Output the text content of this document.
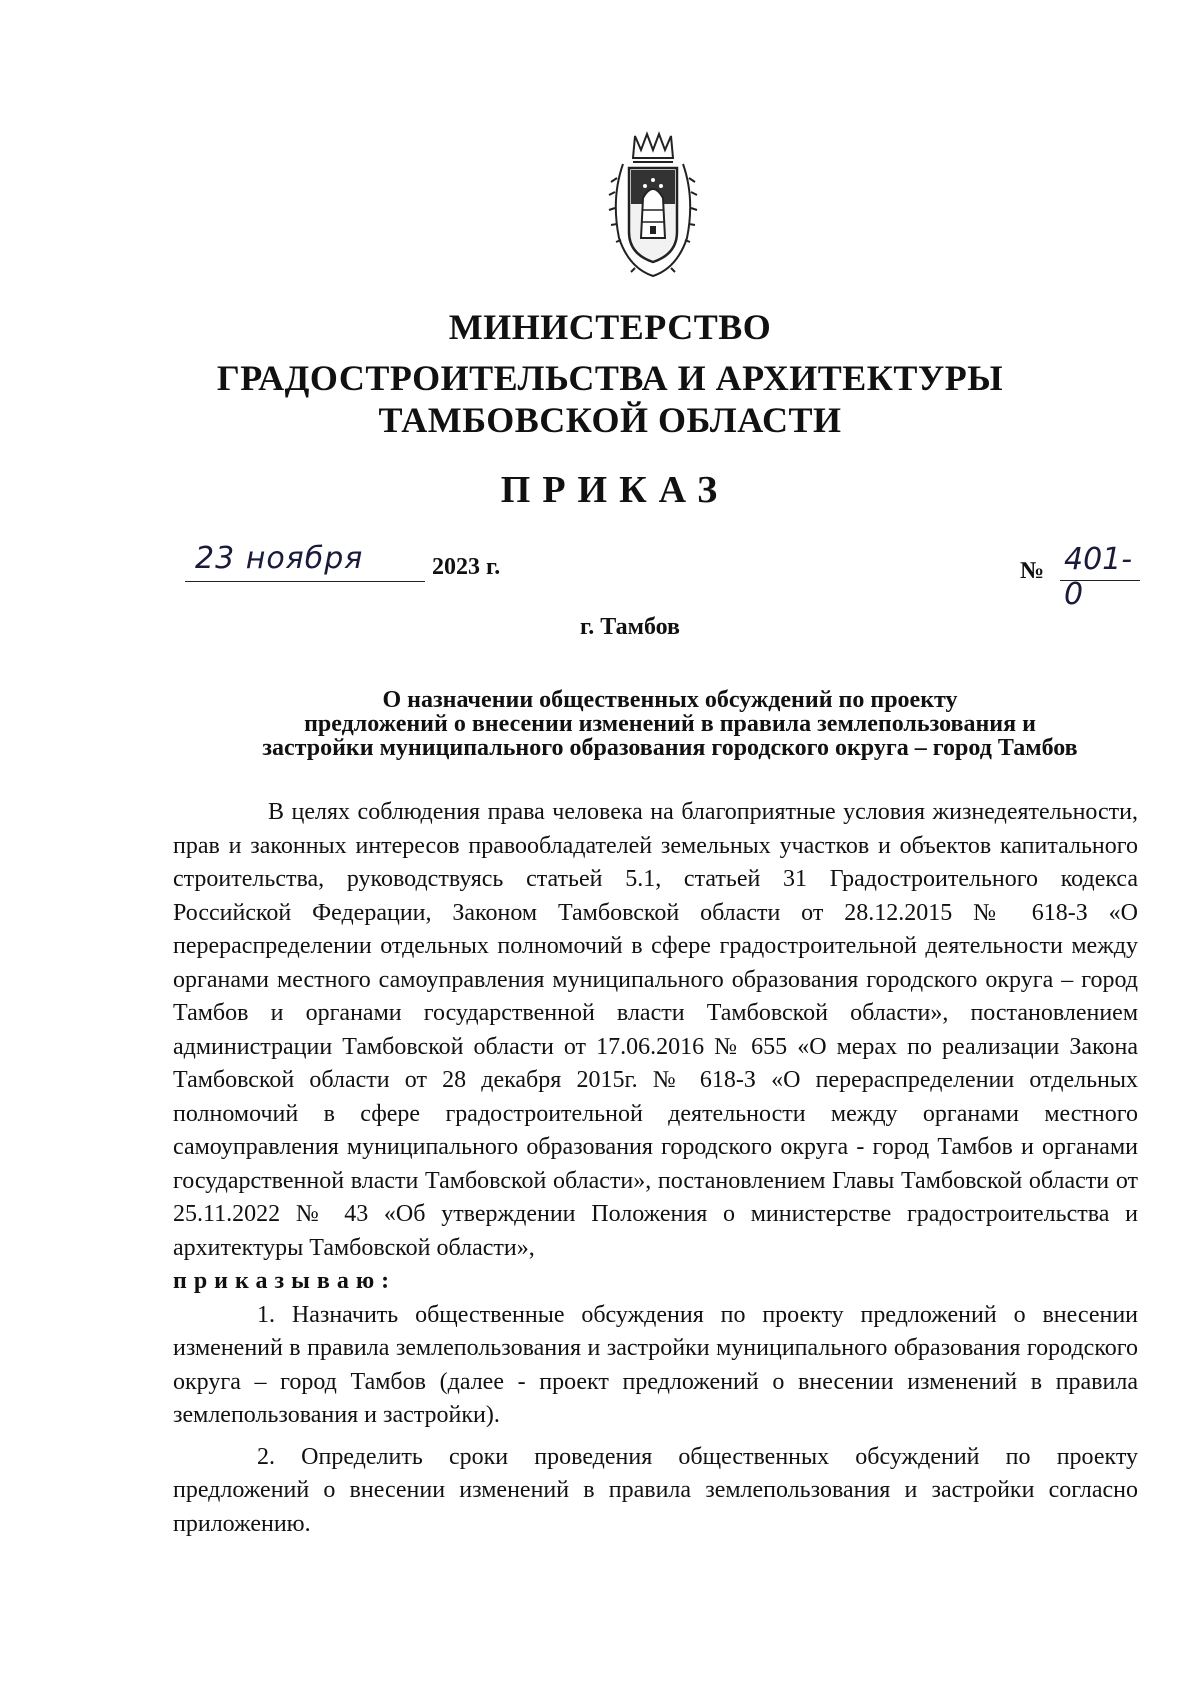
МИНИСТЕРСТВО
ГРАДОСТРОИТЕЛЬСТВА И АРХИТЕКТУРЫ
ТАМБОВСКОЙ ОБЛАСТИ
ПРИКАЗ
23 ноября	2023 г.	№ 401-0
г. Тамбов
О назначении общественных обсуждений по проекту
предложений о внесении изменений в правила землепользования и
застройки муниципального образования городского округа – город Тамбов

В целях соблюдения права человека на благоприятные условия жизнедеятельности, прав и законных интересов правообладателей земельных участков и объектов капитального строительства, руководствуясь статьей 5.1, статьей 31 Градостроительного кодекса Российской Федерации, Законом Тамбовской области от 28.12.2015 № 618-З «О перераспределении отдельных полномочий в сфере градостроительной деятельности между органами местного самоуправления муниципального образования городского округа – город Тамбов и органами государственной власти Тамбовской области», постановлением администрации Тамбовской области от 17.06.2016 № 655 «О мерах по реализации Закона Тамбовской области от 28 декабря 2015г. № 618-З «О перераспределении отдельных полномочий в сфере градостроительной деятельности между органами местного самоуправления муниципального образования городского округа - город Тамбов и органами государственной власти Тамбовской области», постановлением Главы Тамбовской области от 25.11.2022 № 43 «Об утверждении Положения о министерстве градостроительства и архитектуры Тамбовской области»,
приказываю:

1. Назначить общественные обсуждения по проекту предложений о внесении изменений в правила землепользования и застройки муниципального образования городского округа – город Тамбов (далее - проект предложений о внесении изменений в правила землепользования и застройки).

2. Определить сроки проведения общественных обсуждений по проекту предложений о внесении изменений в правила землепользования и застройки согласно приложению.
